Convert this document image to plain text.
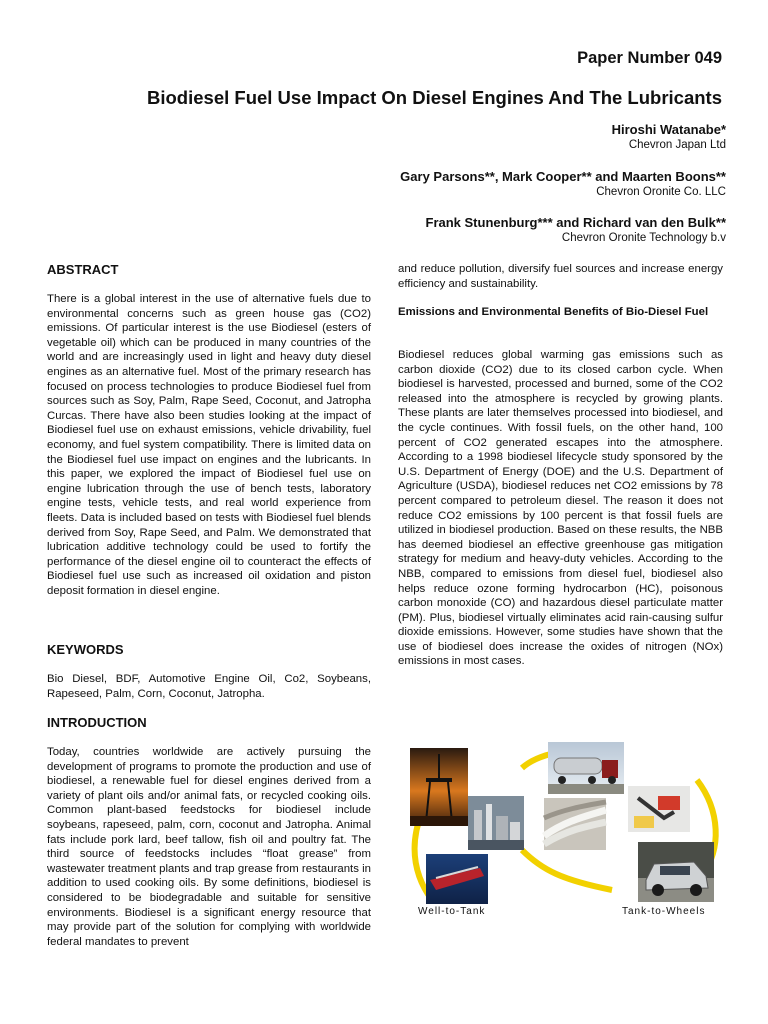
Paper Number 049
Biodiesel Fuel Use Impact On Diesel Engines And The Lubricants
Hiroshi Watanabe*
Chevron Japan Ltd
Gary Parsons**, Mark Cooper** and Maarten Boons**
Chevron Oronite Co. LLC
Frank Stunenburg*** and Richard van den Bulk**
Chevron Oronite Technology b.v
ABSTRACT

There is a global interest in the use of alternative fuels due to environmental concerns such as green house gas (CO2) emissions. Of particular interest is the use Biodiesel (esters of vegetable oil) which can be produced in many countries of the world and are increasingly used in light and heavy duty diesel engines as an alternative fuel. Most of the primary research has focused on process technologies to produce Biodiesel fuel from sources such as Soy, Palm, Rape Seed, Coconut, and Jatropha Curcas. There have also been studies looking at the impact of Biodiesel fuel use on exhaust emissions, vehicle drivability, fuel economy, and fuel system compatibility. There is limited data on the Biodiesel fuel use impact on engines and the lubricants. In this paper, we explored the impact of Biodiesel fuel use on engine lubrication through the use of bench tests, laboratory engine tests, vehicle tests, and real world experience from fleets. Data is included based on tests with Biodiesel fuel blends derived from Soy, Rape Seed, and Palm. We demonstrated that lubrication additive technology could be used to fortify the performance of the diesel engine oil to counteract the effects of Biodiesel fuel use such as increased oil oxidation and piston deposit formation in diesel engine.

KEYWORDS

Bio Diesel, BDF, Automotive Engine Oil, Co2, Soybeans, Rapeseed, Palm, Corn, Coconut, Jatropha.

INTRODUCTION

Today, countries worldwide are actively pursuing the development of programs to promote the production and use of biodiesel, a renewable fuel for diesel engines derived from a variety of plant oils and/or animal fats, or recycled cooking oils. Common plant-based feedstocks for biodiesel include soybeans, rapeseed, palm, corn, coconut and Jatropha. Animal fats include pork lard, beef tallow, fish oil and poultry fat. The third source of feedstocks includes “float grease” from wastewater treatment plants and trap grease from restaurants in addition to used cooking oils. By some definitions, biodiesel is considered to be biodegradable and suitable for sensitive environments. Biodiesel is a significant energy resource that may provide part of the solution for complying with worldwide federal mandates to prevent

and reduce pollution, diversify fuel sources and increase energy efficiency and sustainability.

Emissions and Environmental Benefits of Bio-Diesel Fuel

Biodiesel reduces global warming gas emissions such as carbon dioxide (CO2) due to its closed carbon cycle. When biodiesel is harvested, processed and burned, some of the CO2 released into the atmosphere is recycled by growing plants. These plants are later themselves processed into biodiesel, and the cycle continues. With fossil fuels, on the other hand, 100 percent of CO2 generated escapes into the atmosphere. According to a 1998 biodiesel lifecycle study sponsored by the U.S. Department of Energy (DOE) and the U.S. Department of Agriculture (USDA), biodiesel reduces net CO2 emissions by 78 percent compared to petroleum diesel. The reason it does not reduce CO2 emissions by 100 percent is that fossil fuels are utilized in biodiesel production. Based on these results, the NBB has deemed biodiesel an effective greenhouse gas mitigation strategy for medium and heavy-duty vehicles. According to the NBB, compared to emissions from diesel fuel, biodiesel also helps reduce ozone forming hydrocarbon (HC), poisonous carbon monoxide (CO) and hazardous diesel particulate matter (PM). Plus, biodiesel virtually eliminates acid rain-causing sulfur dioxide emissions. However, some studies have shown that the use of biodiesel does increase the oxides of nitrogen (NOx) emissions in most cases.

Well-to-Tank	Tank-to-Wheels
